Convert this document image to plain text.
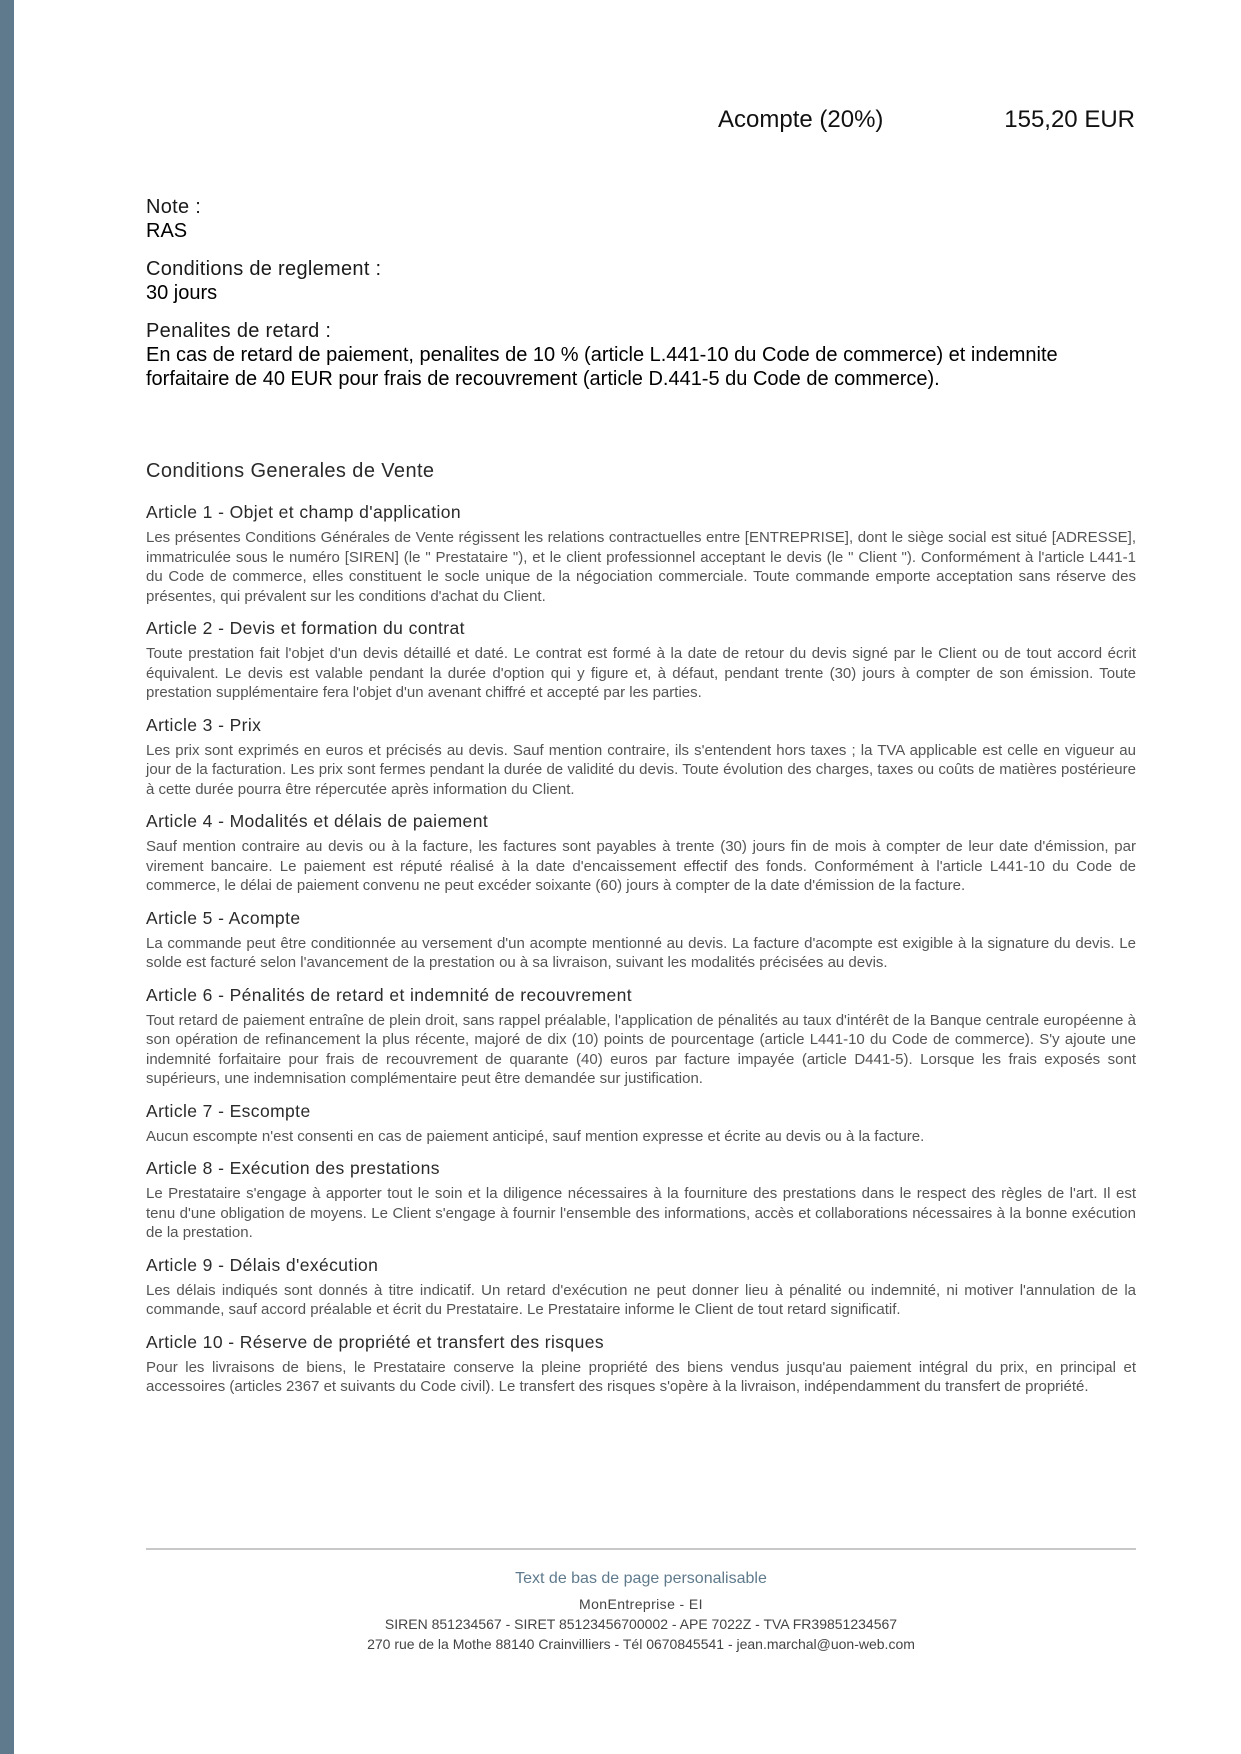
Acompte (20%)	155,20 EUR
Note :
RAS
Conditions de reglement :
30 jours
Penalites de retard :
En cas de retard de paiement, penalites de 10 % (article L.441-10 du Code de commerce) et indemnite forfaitaire de 40 EUR pour frais de recouvrement (article D.441-5 du Code de commerce).
Conditions Generales de Vente
Article 1 - Objet et champ d'application

Les présentes Conditions Générales de Vente régissent les relations contractuelles entre [ENTREPRISE], dont le siège social est situé [ADRESSE], immatriculée sous le numéro [SIREN] (le " Prestataire "), et le client professionnel acceptant le devis (le " Client "). Conformément à l'article L441-1 du Code de commerce, elles constituent le socle unique de la négociation commerciale. Toute commande emporte acceptation sans réserve des présentes, qui prévalent sur les conditions d'achat du Client.

Article 2 - Devis et formation du contrat

Toute prestation fait l'objet d'un devis détaillé et daté. Le contrat est formé à la date de retour du devis signé par le Client ou de tout accord écrit équivalent. Le devis est valable pendant la durée d'option qui y figure et, à défaut, pendant trente (30) jours à compter de son émission. Toute prestation supplémentaire fera l'objet d'un avenant chiffré et accepté par les parties.

Article 3 - Prix

Les prix sont exprimés en euros et précisés au devis. Sauf mention contraire, ils s'entendent hors taxes ; la TVA applicable est celle en vigueur au jour de la facturation. Les prix sont fermes pendant la durée de validité du devis. Toute évolution des charges, taxes ou coûts de matières postérieure à cette durée pourra être répercutée après information du Client.

Article 4 - Modalités et délais de paiement

Sauf mention contraire au devis ou à la facture, les factures sont payables à trente (30) jours fin de mois à compter de leur date d'émission, par virement bancaire. Le paiement est réputé réalisé à la date d'encaissement effectif des fonds. Conformément à l'article L441-10 du Code de commerce, le délai de paiement convenu ne peut excéder soixante (60) jours à compter de la date d'émission de la facture.

Article 5 - Acompte

La commande peut être conditionnée au versement d'un acompte mentionné au devis. La facture d'acompte est exigible à la signature du devis. Le solde est facturé selon l'avancement de la prestation ou à sa livraison, suivant les modalités précisées au devis.

Article 6 - Pénalités de retard et indemnité de recouvrement

Tout retard de paiement entraîne de plein droit, sans rappel préalable, l'application de pénalités au taux d'intérêt de la Banque centrale européenne à son opération de refinancement la plus récente, majoré de dix (10) points de pourcentage (article L441-10 du Code de commerce). S'y ajoute une indemnité forfaitaire pour frais de recouvrement de quarante (40) euros par facture impayée (article D441-5). Lorsque les frais exposés sont supérieurs, une indemnisation complémentaire peut être demandée sur justification.

Article 7 - Escompte

Aucun escompte n'est consenti en cas de paiement anticipé, sauf mention expresse et écrite au devis ou à la facture.

Article 8 - Exécution des prestations

Le Prestataire s'engage à apporter tout le soin et la diligence nécessaires à la fourniture des prestations dans le respect des règles de l'art. Il est tenu d'une obligation de moyens. Le Client s'engage à fournir l'ensemble des informations, accès et collaborations nécessaires à la bonne exécution de la prestation.

Article 9 - Délais d'exécution

Les délais indiqués sont donnés à titre indicatif. Un retard d'exécution ne peut donner lieu à pénalité ou indemnité, ni motiver l'annulation de la commande, sauf accord préalable et écrit du Prestataire. Le Prestataire informe le Client de tout retard significatif.

Article 10 - Réserve de propriété et transfert des risques

Pour les livraisons de biens, le Prestataire conserve la pleine propriété des biens vendus jusqu'au paiement intégral du prix, en principal et accessoires (articles 2367 et suivants du Code civil). Le transfert des risques s'opère à la livraison, indépendamment du transfert de propriété.

Text de bas de page personalisable
MonEntreprise - EI
SIREN 851234567 - SIRET 85123456700002 - APE 7022Z - TVA FR39851234567
270 rue de la Mothe 88140 Crainvilliers - Tél 0670845541 - jean.marchal@uon-web.com
